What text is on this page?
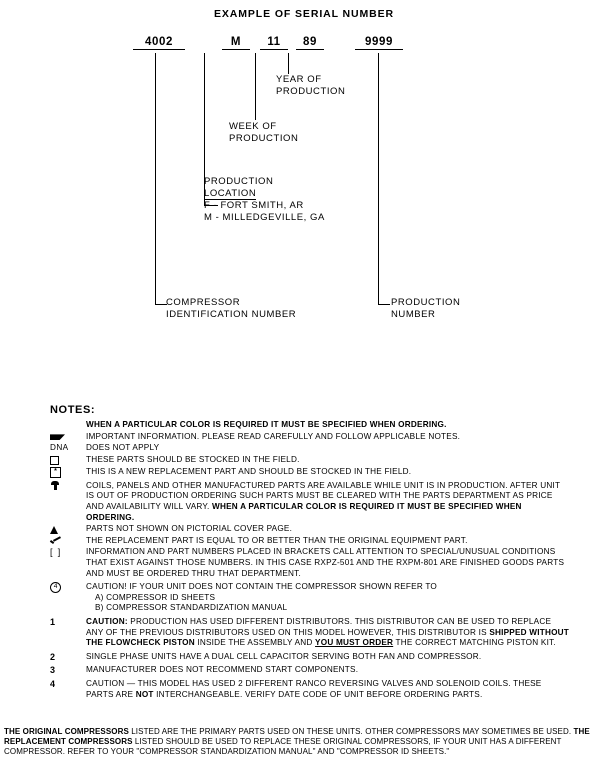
EXAMPLE OF SERIAL NUMBER
4002	M	11	89	9999
YEAR OF
PRODUCTION
WEEK OF
PRODUCTION
PRODUCTION
LOCATION
F - FORT SMITH, AR
M - MILLEDGEVILLE, GA
COMPRESSOR
IDENTIFICATION NUMBER
PRODUCTION
NUMBER
NOTES:
WHEN A PARTICULAR COLOR IS REQUIRED IT MUST BE SPECIFIED WHEN ORDERING.
IMPORTANT INFORMATION. PLEASE READ CAREFULLY AND FOLLOW APPLICABLE NOTES.
DNA	DOES NOT APPLY
THESE PARTS SHOULD BE STOCKED IN THE FIELD.
*	THIS IS A NEW REPLACEMENT PART AND SHOULD BE STOCKED IN THE FIELD.
COILS, PANELS AND OTHER MANUFACTURED PARTS ARE AVAILABLE WHILE UNIT IS IN PRODUCTION. AFTER UNIT IS OUT OF PRODUCTION ORDERING SUCH PARTS MUST BE CLEARED WITH THE PARTS DEPARTMENT AS PRICE AND AVAILABILITY WILL VARY. WHEN A PARTICULAR COLOR IS REQUIRED IT MUST BE SPECIFIED WHEN ORDERING.
PARTS NOT SHOWN ON PICTORIAL COVER PAGE.
THE REPLACEMENT PART IS EQUAL TO OR BETTER THAN THE ORIGINAL EQUIPMENT PART.
[ ]	INFORMATION AND PART NUMBERS PLACED IN BRACKETS CALL ATTENTION TO SPECIAL/UNUSUAL CONDITIONS THAT EXIST AGAINST THOSE NUMBERS. IN THIS CASE RXPZ-501 AND THE RXPM-801 ARE FINISHED GOODS PARTS AND MUST BE ORDERED THRU THAT DEPARTMENT.
4	CAUTION! IF YOUR UNIT DOES NOT CONTAIN THE COMPRESSOR SHOWN REFER TO
A) COMPRESSOR ID SHEETS
B) COMPRESSOR STANDARDIZATION MANUAL
1	CAUTION: PRODUCTION HAS USED DIFFERENT DISTRIBUTORS. THIS DISTRIBUTOR CAN BE USED TO REPLACE ANY OF THE PREVIOUS DISTRIBUTORS USED ON THIS MODEL HOWEVER, THIS DISTRIBUTOR IS SHIPPED WITHOUT THE FLOWCHECK PISTON INSIDE THE ASSEMBLY AND YOU MUST ORDER THE CORRECT MATCHING PISTON KIT.
2	SINGLE PHASE UNITS HAVE A DUAL CELL CAPACITOR SERVING BOTH FAN AND COMPRESSOR.
3	MANUFACTURER DOES NOT RECOMMEND START COMPONENTS.
4	CAUTION — THIS MODEL HAS USED 2 DIFFERENT RANCO REVERSING VALVES AND SOLENOID COILS. THESE PARTS ARE NOT INTERCHANGEABLE. VERIFY DATE CODE OF UNIT BEFORE ORDERING PARTS.
THE ORIGINAL COMPRESSORS LISTED ARE THE PRIMARY PARTS USED ON THESE UNITS. OTHER COMPRESSORS MAY SOMETIMES BE USED. THE REPLACEMENT COMPRESSORS LISTED SHOULD BE USED TO REPLACE THESE ORIGINAL COMPRESSORS, IF YOUR UNIT HAS A DIFFERENT COMPRESSOR. REFER TO YOUR "COMPRESSOR STANDARDIZATION MANUAL" AND "COMPRESSOR ID SHEETS."
